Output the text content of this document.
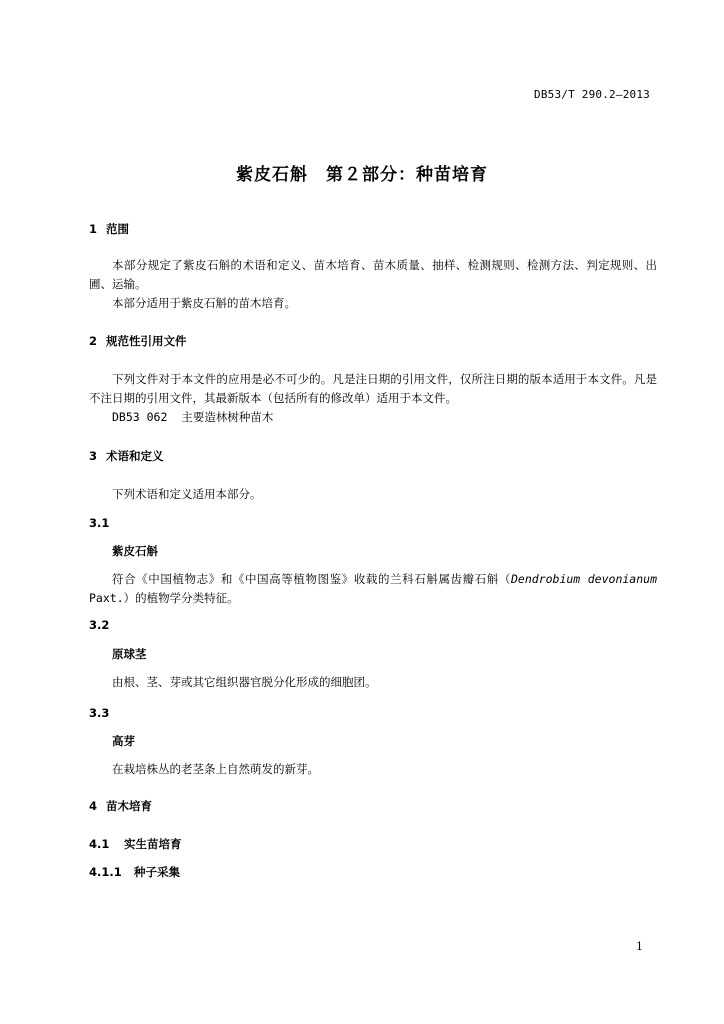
DB53/T 290.2—2013
紫皮石斛　第２部分：种苗培育
1 范围
本部分规定了紫皮石斛的术语和定义、苗木培育、苗木质量、抽样、检测规则、检测方法、判定规则、出圃、运输。
本部分适用于紫皮石斛的苗木培育。
2 规范性引用文件
下列文件对于本文件的应用是必不可少的。凡是注日期的引用文件，仅所注日期的版本适用于本文件。凡是不注日期的引用文件，其最新版本（包括所有的修改单）适用于本文件。
DB53 062 主要造林树种苗木
3 术语和定义
下列术语和定义适用本部分。
3.1
紫皮石斛
符合《中国植物志》和《中国高等植物图鉴》收载的兰科石斛属齿瓣石斛（Dendrobium devonianum Paxt.）的植物学分类特征。
3.2
原球茎
由根、茎、芽或其它组织器官脱分化形成的细胞团。
3.3
高芽
在栽培株丛的老茎条上自然萌发的新芽。
4 苗木培育
4.1 实生苗培育
4.1.1 种子采集
1
